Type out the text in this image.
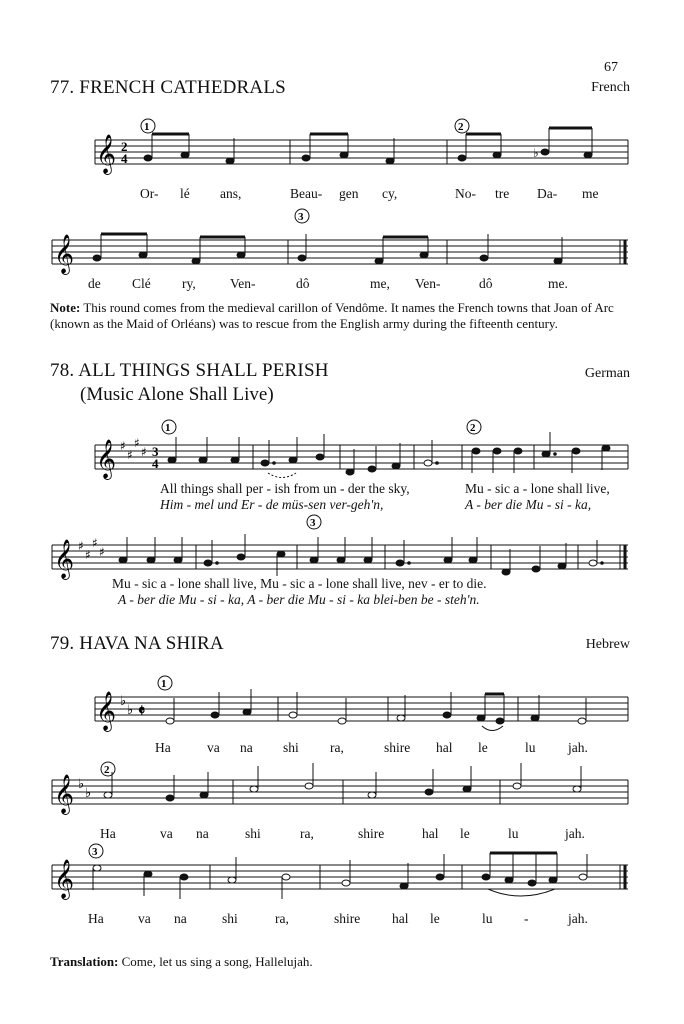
67
77. FRENCH CATHEDRALS	French
𝄞
𝄞
2
4
1	2
3
♭
Or- lé ans,	Beau- gen cy,	No- tre Da- me
de Clé ry,	Ven-	dô	me, Ven-	dô	me.
Note: This round comes from the medieval carillon of Vendôme. It names the French towns that Joan of Arc (known as the Maid of Orléans) was to rescue from the English army during the fifteenth century.
78. ALL THINGS SHALL PERISH
(Music Alone Shall Live)
German
𝄞
𝄞
♯
♯
♯
♯
♯
♯
♯
♯
3
4
1	2
3
All things shall per - ish from un - der the sky,	Mu - sic a - lone shall live,
Him - mel und Er - de müs-sen ver-geh'n,	A - ber die Mu - si - ka,
Mu - sic a - lone shall live, Mu - sic a - lone shall live, nev - er to die.
A - ber die Mu - si - ka, A - ber die Mu - si - ka blei-ben be - steh'n.
79. HAVA NA SHIRA	Hebrew
𝄞
𝄞
𝄞
♭
♭
♭
♭
𝄵
1
2
3
Ha	va na shi ra,	shire hal le	lu jah.
Ha	va na	shi	ra,	shire	hal le	lu	jah.
Ha	va na	shi	ra,	shire hal le	lu -	jah.
Translation: Come, let us sing a song, Hallelujah.
